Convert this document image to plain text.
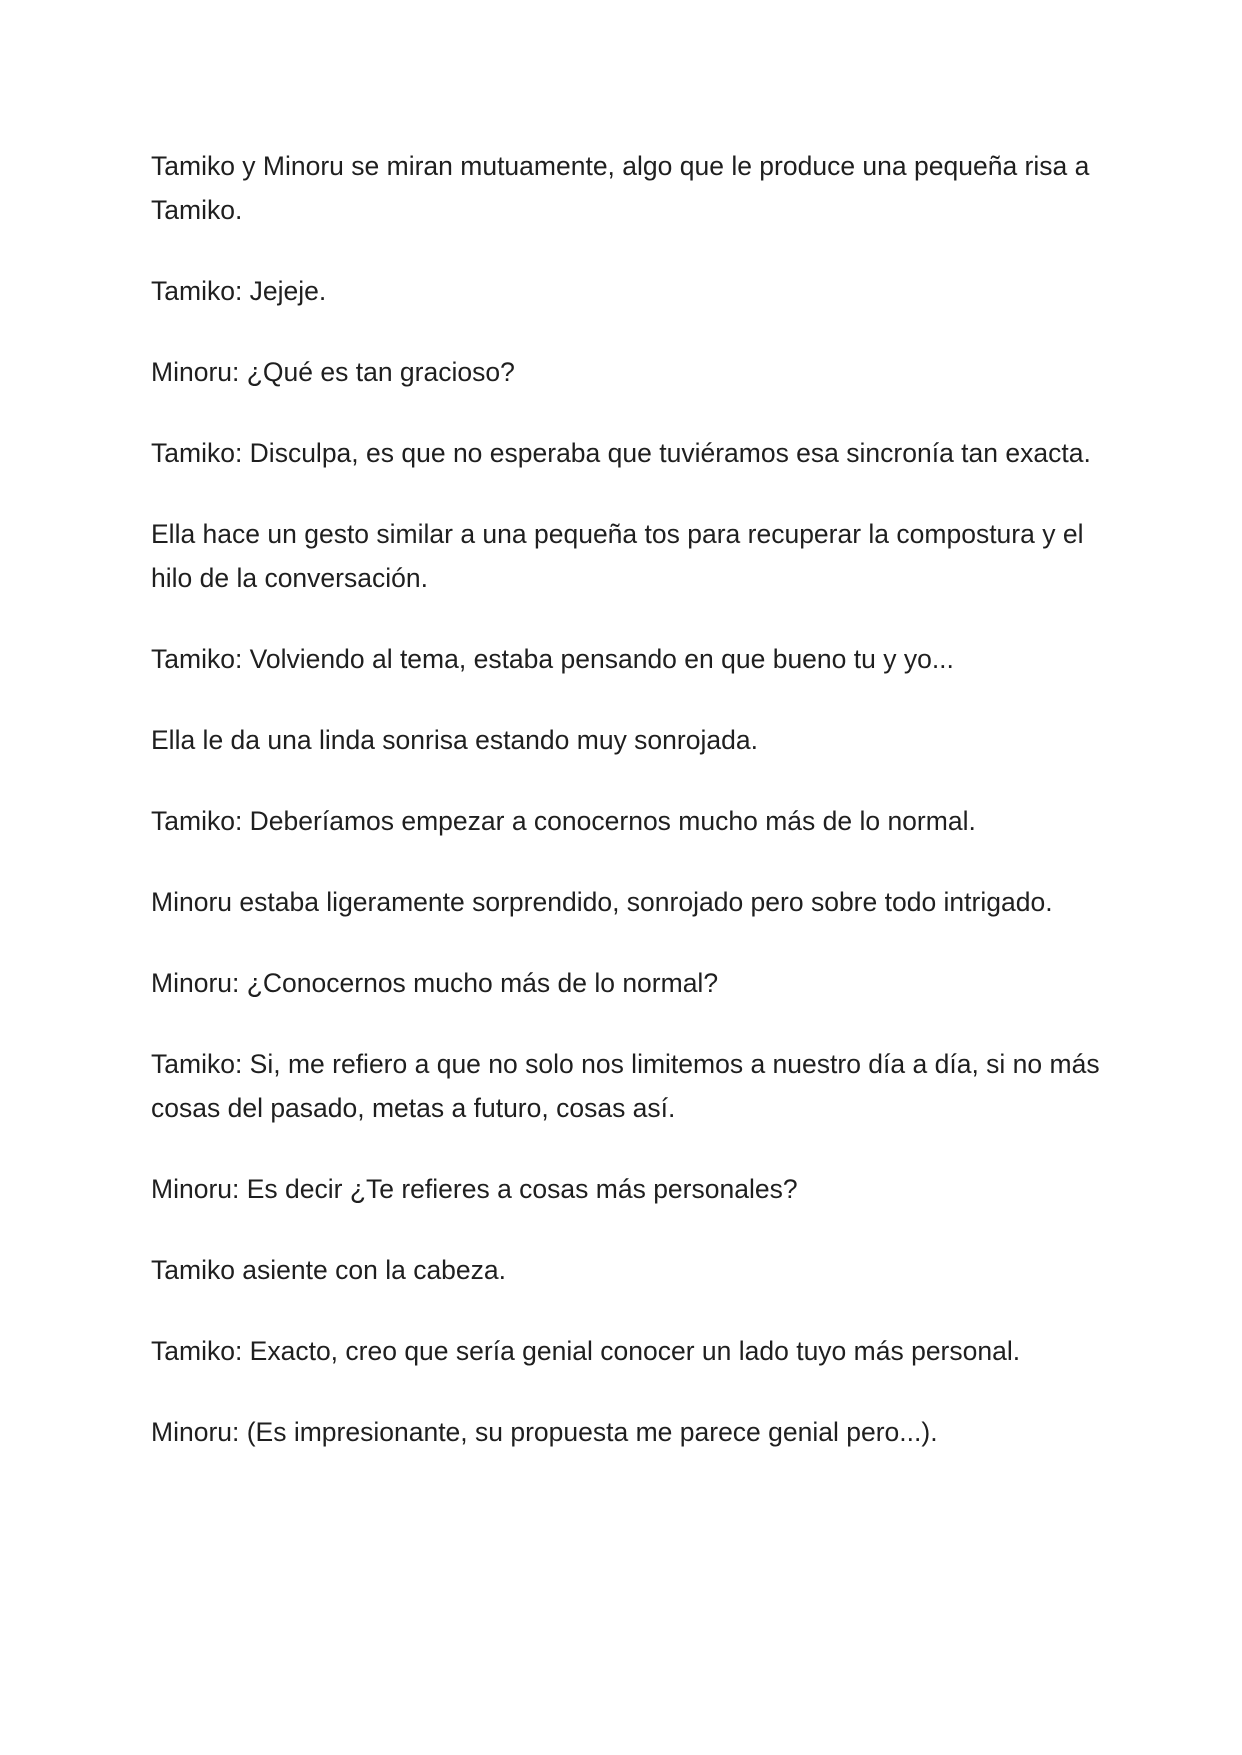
Tamiko y Minoru se miran mutuamente, algo que le produce una pequeña risa a Tamiko.

Tamiko: Jejeje.

Minoru: ¿Qué es tan gracioso?

Tamiko: Disculpa, es que no esperaba que tuviéramos esa sincronía tan exacta.

Ella hace un gesto similar a una pequeña tos para recuperar la compostura y el hilo de la conversación.

Tamiko: Volviendo al tema, estaba pensando en que bueno tu y yo...

Ella le da una linda sonrisa estando muy sonrojada.

Tamiko: Deberíamos empezar a conocernos mucho más de lo normal.

Minoru estaba ligeramente sorprendido, sonrojado pero sobre todo intrigado.

Minoru: ¿Conocernos mucho más de lo normal?

Tamiko: Si, me refiero a que no solo nos limitemos a nuestro día a día, si no más cosas del pasado, metas a futuro, cosas así.

Minoru: Es decir ¿Te refieres a cosas más personales?

Tamiko asiente con la cabeza.

Tamiko: Exacto, creo que sería genial conocer un lado tuyo más personal.

Minoru: (Es impresionante, su propuesta me parece genial pero...).
